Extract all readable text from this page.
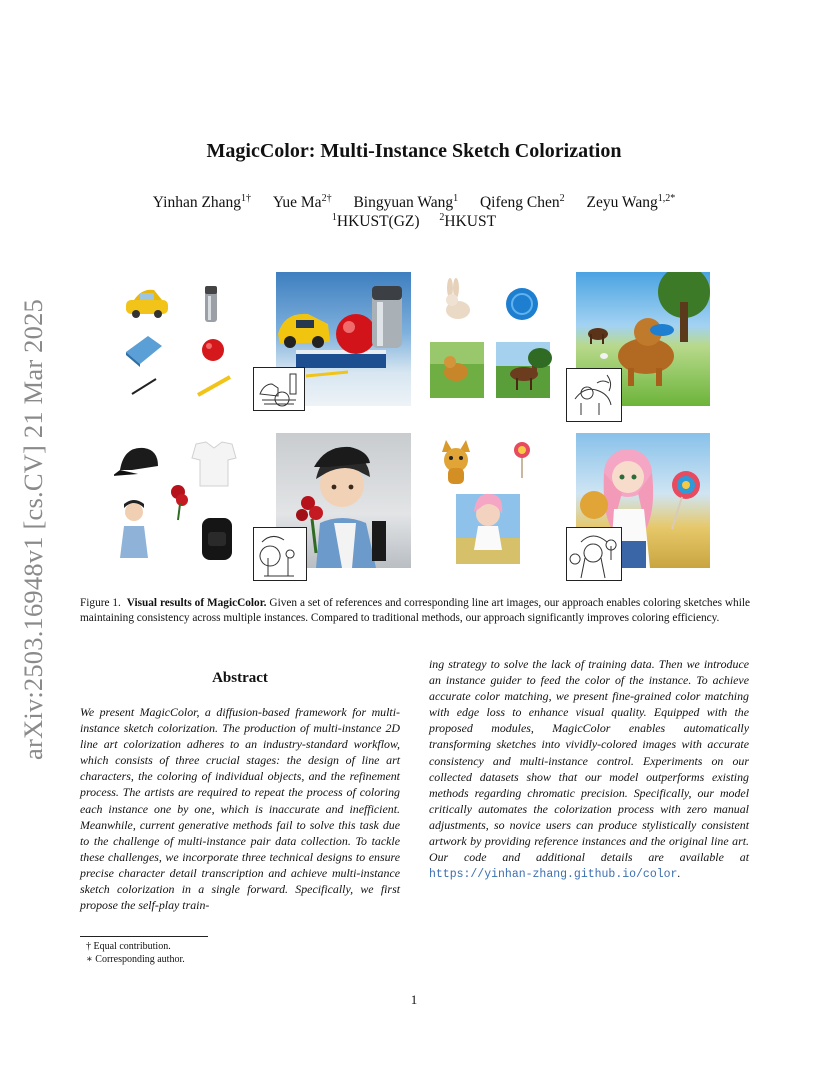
arXiv:2503.16948v1 [cs.CV] 21 Mar 2025
MagicColor: Multi-Instance Sketch Colorization
Yinhan Zhang$^{1\dagger}$ Yue $Ma^{2\dagger}$ Bingyuan Wang$^1$ Qifeng Chen$^2$ Zeyu Wang$^{1,2*}$
$^1$HKUST(GZ) $^2$HKUST
Figure 1. Visual results of MagicColor. Given a set of references and corresponding line art images, our approach enables coloring sketches while maintaining consistency across multiple instances. Compared to traditional methods, our approach significantly improves coloring efficiency.
Abstract
We present MagicColor, a diffusion-based framework for multi-instance sketch colorization. The production of multi-instance 2D line art colorization adheres to an industry-standard workflow, which consists of three crucial stages: the design of line art characters, the coloring of individual objects, and the refinement process. The artists are required to repeat the process of coloring each instance one by one, which is inaccurate and inefficient. Meanwhile, current generative methods fail to solve this task due to the challenge of multi-instance pair data collection. To tackle these challenges, we incorporate three technical designs to ensure precise character detail transcription and achieve multi-instance sketch colorization in a single forward. Specifically, we first propose the self-play train-
ing strategy to solve the lack of training data. Then we introduce an instance guider to feed the color of the instance. To achieve accurate color matching, we present fine-grained color matching with edge loss to enhance visual quality. Equipped with the proposed modules, MagicColor enables automatically transforming sketches into vividly-colored images with accurate consistency and multi-instance control. Experiments on our collected datasets show that our model outperforms existing methods regarding chromatic precision. Specifically, our model critically automates the colorization process with zero manual adjustments, so novice users can produce stylistically consistent artwork by providing reference instances and the original line art. Our code and additional details are available at https://yinhan-zhang.github.io/color.
† Equal contribution.
∗ Corresponding author.
1
